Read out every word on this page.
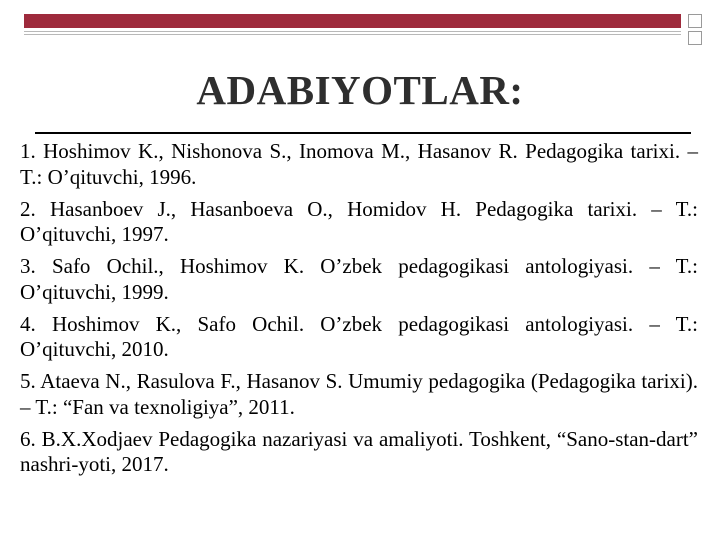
ADABIYOTLAR:
1. Hoshimov K., Nishonova S., Inomova M., Hasanov R. Pedagogika tarixi. – T.: O’qituvchi, 1996.
2. Hasanboev J., Hasanboeva O., Homidov H. Pedagogika tarixi. – T.: O’qituvchi, 1997.
3. Safo Ochil., Hoshimov K. O’zbek pedagogikasi antologiyasi. – T.: O’qituvchi, 1999.
4. Hoshimov K., Safo Ochil. O’zbek pedagogikasi antologiyasi. – T.: O’qituvchi, 2010.
5. Ataeva N., Rasulova F., Hasanov S. Umumiy pedagogika (Pedagogika tarixi). – T.: “Fan va texnoligiya”, 2011.
6. B.X.Xodjaev Pedagogika nazariyasi va amaliyoti. Toshkent, “Sano-stan-dart” nashri-yoti, 2017.
